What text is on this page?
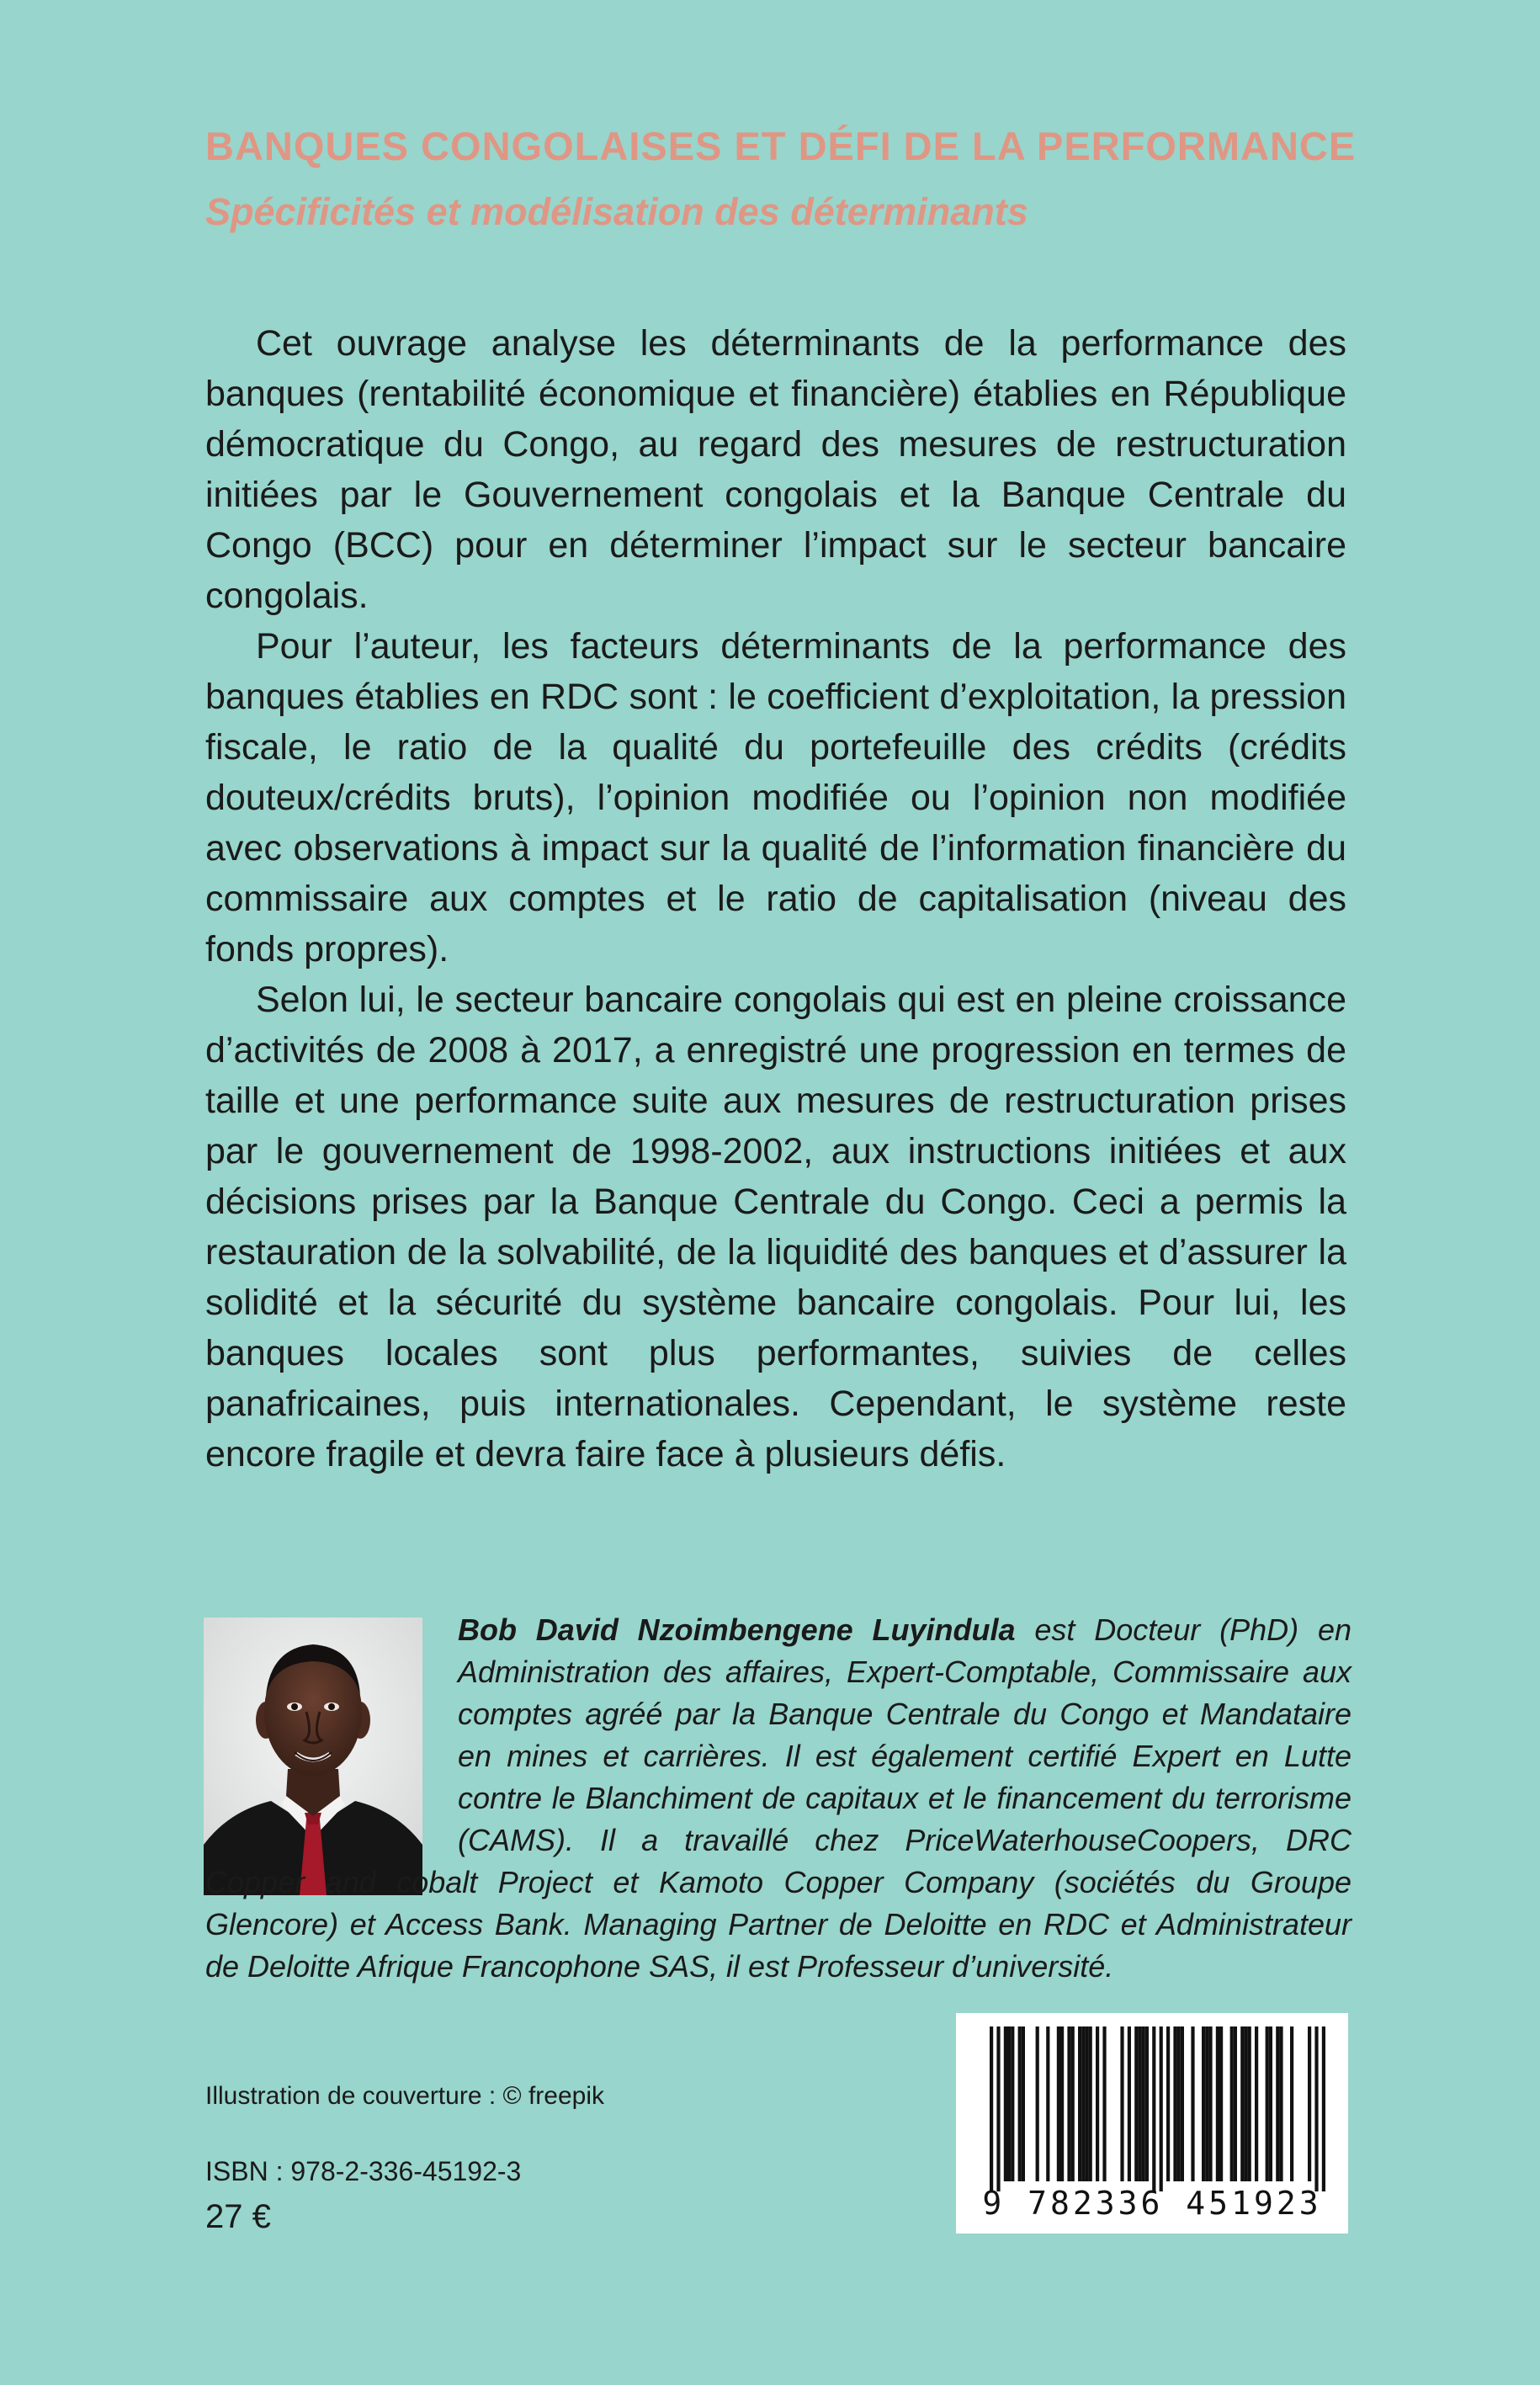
BANQUES CONGOLAISES ET DÉFI DE LA PERFORMANCE
Spécificités et modélisation des déterminants

Cet ouvrage analyse les déterminants de la performance des banques (rentabilité économique et financière) établies en République démocratique du Congo, au regard des mesures de restructuration initiées par le Gouvernement congolais et la Banque Centrale du Congo (BCC) pour en déterminer l’impact sur le secteur bancaire congolais.

Pour l’auteur, les facteurs déterminants de la performance des banques établies en RDC sont : le coefficient d’exploitation, la pression fiscale, le ratio de la qualité du portefeuille des crédits (crédits douteux/crédits bruts), l’opinion modifiée ou l’opinion non modifiée avec observations à impact sur la qualité de l’information financière du commissaire aux comptes et le ratio de capitalisation (niveau des fonds propres).

Selon lui, le secteur bancaire congolais qui est en pleine croissance d’activités de 2008 à 2017, a enregistré une progression en termes de taille et une performance suite aux mesures de restructuration prises par le gouvernement de 1998-2002, aux instructions initiées et aux décisions prises par la Banque Centrale du Congo. Ceci a permis la restauration de la solvabilité, de la liquidité des banques et d’assurer la solidité et la sécurité du système bancaire congolais. Pour lui, les banques locales sont plus performantes, suivies de celles panafricaines, puis internationales. Cependant, le système reste encore fragile et devra faire face à plusieurs défis.

Bob David Nzoimbengene Luyindula est Docteur (PhD) en Administration des affaires, Expert-Comptable, Commissaire aux comptes agréé par la Banque Centrale du Congo et Mandataire en mines et carrières. Il est également certifié Expert en Lutte contre le Blanchiment de capitaux et le financement du terrorisme (CAMS). Il a travaillé chez PriceWaterhouseCoopers, DRC Copper and cobalt Project et Kamoto Copper Company (sociétés du Groupe Glencore) et Access Bank. Managing Partner de Deloitte en RDC et Administrateur de Deloitte Afrique Francophone SAS, il est Professeur d’université.
Illustration de couverture : © freepik
ISBN : 978-2-336-45192-3
27 €	9 782336 451923
